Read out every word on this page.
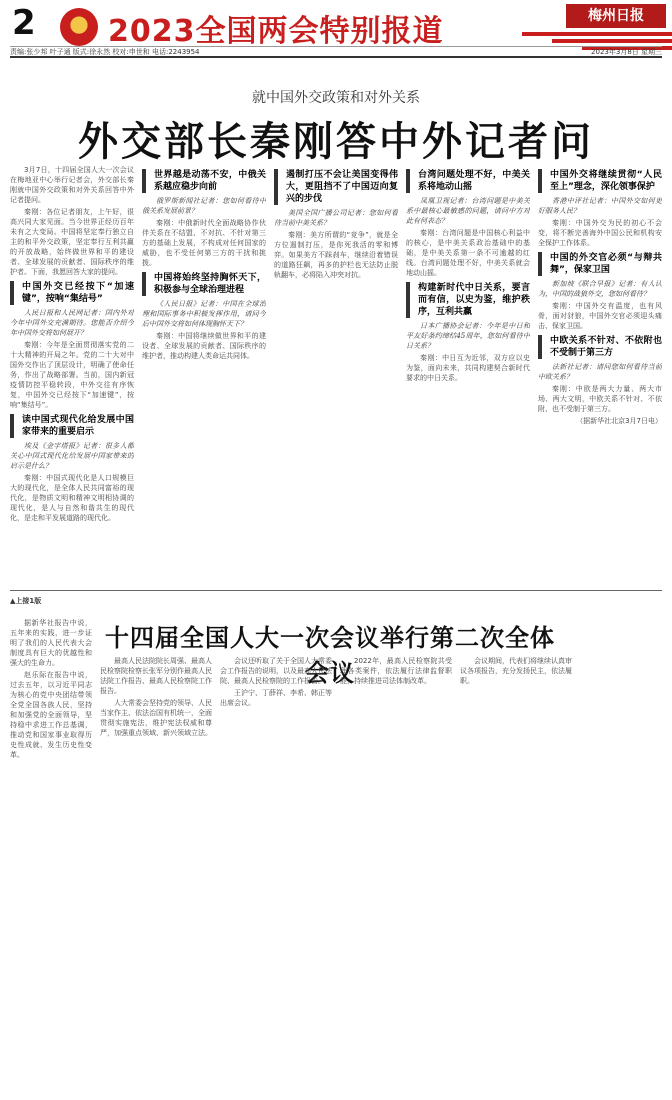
2 2023全国两会特别报道	梅州日报
责编:张少邦 叶子通 版式:徐永然 校对:申世和 电话:2243954	2023年3月8日 星期三
就中国外交政策和对外关系
外交部长秦刚答中外记者问

3月7日，十四届全国人大一次会议在梅地亚中心举行记者会，外交部长秦刚就中国外交政策和对外关系回答中外记者提问。

秦刚：各位记者朋友，上午好，很高兴同大家见面。当今世界正经历百年未有之大变局。中国将坚定奉行独立自主的和平外交政策，坚定奉行互利共赢的开放战略，始终做世界和平的建设者、全球发展的贡献者、国际秩序的维护者。下面，我愿回答大家的提问。

中国外交已经按下“加速键”，按响“集结号”

人民日报和人民网记者：国内外对今年中国外交充满期待。您能否介绍今年中国外交将如何展开？

秦刚：今年是全面贯彻落实党的二十大精神的开局之年。党的二十大对中国外交作出了顶层设计，明确了使命任务，作出了战略部署。当前，国内新冠疫情防控平稳转段，中外交往有序恢复，中国外交已经按下“加速键”，按响“集结号”。

读中国式现代化给发展中国家带来的重要启示

埃及《金字塔报》记者：很多人都关心中国式现代化给发展中国家带来的启示是什么？

秦刚：中国式现代化是人口规模巨大的现代化，是全体人民共同富裕的现代化，是物质文明和精神文明相协调的现代化，是人与自然和谐共生的现代化，是走和平发展道路的现代化。

世界越是动荡不安，中俄关系越应稳步向前

俄罗斯新闻社记者：您如何看待中俄关系发展前景？

秦刚：中俄新时代全面战略协作伙伴关系在不结盟、不对抗、不针对第三方的基础上发展，不构成对任何国家的威胁，也不受任何第三方的干扰和挑拨。

中国将始终坚持胸怀天下，积极参与全球治理进程

《人民日报》记者：中国在全球治理和国际事务中积极发挥作用，请问今后中国外交将如何体现胸怀天下？

秦刚：中国将继续做世界和平的建设者、全球发展的贡献者、国际秩序的维护者，推动构建人类命运共同体。

遏制打压不会让美国变得伟大，更阻挡不了中国迈向复兴的步伐

美国全国广播公司记者：您如何看待当前中美关系？

秦刚：美方所谓的“竞争”，就是全方位遏制打压，是你死我活的零和博弈。如果美方不踩刹车，继续沿着错误的道路狂飙，再多的护栏也无法防止脱轨翻车，必将陷入冲突对抗。

台湾问题处理不好，中美关系将地动山摇

凤凰卫视记者：台湾问题是中美关系中最核心最敏感的问题，请问中方对此有何表态？

秦刚：台湾问题是中国核心利益中的核心，是中美关系政治基础中的基础，是中美关系第一条不可逾越的红线。台湾问题处理不好，中美关系就会地动山摇。

构建新时代中日关系，要言而有信，以史为鉴，维护秩序，互利共赢

日本广播协会记者：今年是中日和平友好条约缔结45周年，您如何看待中日关系？

秦刚：中日互为近邻，双方应以史为鉴，面向未来，共同构建契合新时代要求的中日关系。

中国外交将继续贯彻“人民至上”理念，深化领事保护

香港中评社记者：中国外交如何更好服务人民？

秦刚：中国外交为民的初心不会变，将不断完善海外中国公民和机构安全保护工作体系。

中国的外交官必须“与辩共舞”，保家卫国

新加坡《联合早报》记者：有人认为，中国的战狼外交，您如何看待？

秦刚：中国外交有温度，也有风骨，面对豺狼，中国外交官必须迎头痛击、保家卫国。

中欧关系不针对、不依附也不受制于第三方

法新社记者：请问您如何看待当前中欧关系？

秦刚：中欧是两大力量、两大市场、两大文明，中欧关系不针对、不依附、也不受制于第三方。

（据新华社北京3月7日电）

▲上接1版
十四届全国人大一次会议举行第二次全体会议

据新华社报告中说，五年来的实践，进一步证明了我们的人民代表大会制度具有巨大的优越性和强大的生命力。

赵乐际在报告中说，过去五年，以习近平同志为核心的党中央团结带领全党全国各族人民，坚持和加强党的全面领导，坚持稳中求进工作总基调，推动党和国家事业取得历史性成就、发生历史性变革。

最高人民法院院长周强、最高人民检察院检察长张军分别作最高人民法院工作报告、最高人民检察院工作报告。

人大常委会坚持党的领导、人民当家作主、依法治国有机统一，全面贯彻实施宪法，维护宪法权威和尊严，加强重点领域、新兴领域立法。

会议还听取了关于全国人大常委会工作报告的说明，以及最高人民法院、最高人民检察院的工作报告。

王沪宁、丁薛祥、李希、韩正等出席会议。

2022年，最高人民检察院共受理各类案件，依法履行法律监督职能，持续推进司法体制改革。

会议期间，代表们将继续认真审议各项报告，充分发扬民主，依法履职。
